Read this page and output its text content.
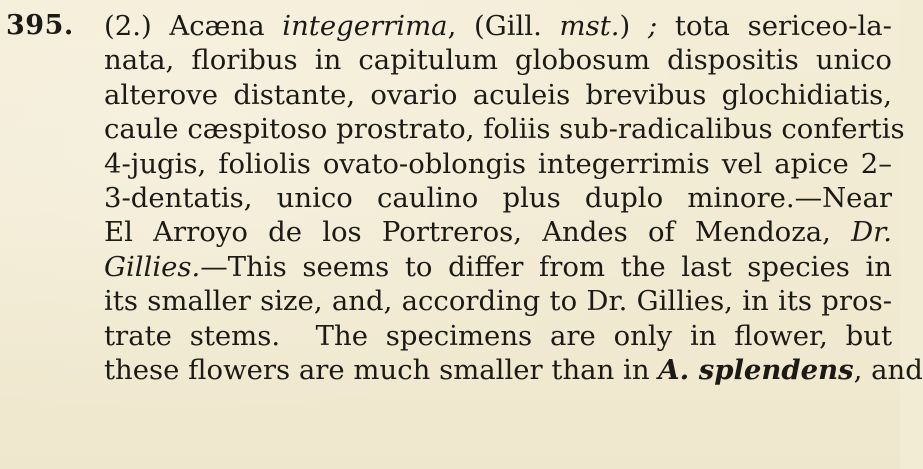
395. (2.) Acæna integerrima, (Gill. mst.) ; tota sericeo-la-
nata, floribus in capitulum globosum dispositis unico
alterove distante, ovario aculeis brevibus glochidiatis,
caule cæspitoso prostrato, foliis sub-radicalibus confertis
4-jugis, foliolis ovato-oblongis integerrimis vel apice 2–
3-dentatis, unico caulino plus duplo minore.—Near
El Arroyo de los Portreros, Andes of Mendoza, Dr.
Gillies.—This seems to differ from the last species in
its smaller size, and, according to Dr. Gillies, in its pros-
trate stems.  The specimens are only in flower, but
these flowers are much smaller than in A. splendens, and
